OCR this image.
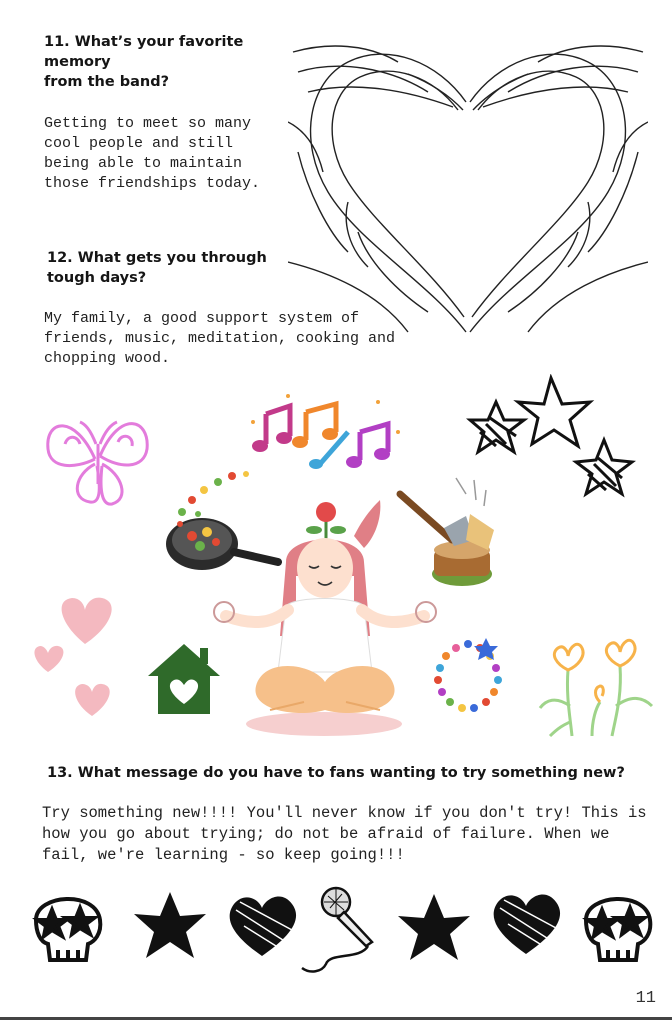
11. What’s your favorite memory
from the band?

Getting to meet so many cool people and still being able to maintain those friendships today.

12. What gets you through tough days?

My family, a good support system of friends, music, meditation, cooking and chopping wood.

13. What message do you have to fans wanting to try something new?

Try something new!!!! You'll never know if you don't try! This is how you go about trying; do not be afraid of failure. When we fail, we're learning - so keep going!!!

11
